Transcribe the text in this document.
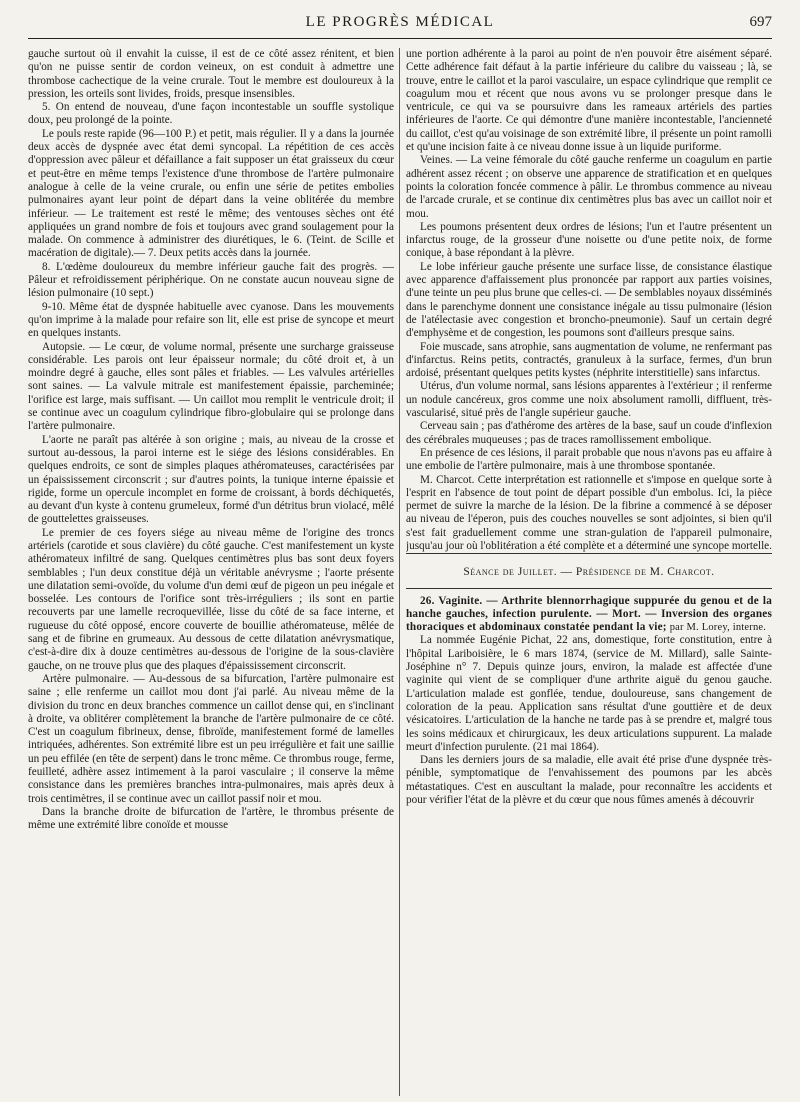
LE PROGRÈS MÉDICAL	697

gauche surtout où il envahit la cuisse, il est de ce côté assez rénitent, et bien qu'on ne puisse sentir de cordon veineux, on est conduit à admettre une thrombose cachectique de la veine crurale. Tout le membre est douloureux à la pression, les orteils sont livides, froids, presque insensibles.

5. On entend de nouveau, d'une façon incontestable un souffle systolique doux, peu prolongé de la pointe.

Le pouls reste rapide (96—100 P.) et petit, mais régulier. Il y a dans la journée deux accès de dyspnée avec état demi syncopal. La répétition de ces accès d'oppression avec pâleur et défaillance a fait supposer un état graisseux du cœur et peut-être en même temps l'existence d'une thrombose de l'artère pulmonaire analogue à celle de la veine crurale, ou enfin une série de petites embolies pulmonaires ayant leur point de départ dans la veine oblitérée du membre inférieur. — Le traitement est resté le même; des ventouses sèches ont été appliquées un grand nombre de fois et toujours avec grand soulagement pour la malade. On commence à administrer des diurétiques, le 6. (Teint. de Scille et macération de digitale).— 7. Deux petits accès dans la journée.

8. L'œdème douloureux du membre inférieur gauche fait des progrès. — Pâleur et refroidissement périphérique. On ne constate aucun nouveau signe de lésion pulmonaire (10 sept.)

9-10. Même état de dyspnée habituelle avec cyanose. Dans les mouvements qu'on imprime à la malade pour refaire son lit, elle est prise de syncope et meurt en quelques instants.

Autopsie. — Le cœur, de volume normal, présente une surcharge graisseuse considérable. Les parois ont leur épaisseur normale; du côté droit et, à un moindre degré à gauche, elles sont pâles et friables. — Les valvules artérielles sont saines. — La valvule mitrale est manifestement épaissie, parcheminée; l'orifice est large, mais suffisant. — Un caillot mou remplit le ventricule droit; il se continue avec un coagulum cylindrique fibro-globulaire qui se prolonge dans l'artère pulmonaire.

L'aorte ne paraît pas altérée à son origine ; mais, au niveau de la crosse et surtout au-dessous, la paroi interne est le siége des lésions considérables. En quelques endroits, ce sont de simples plaques athéromateuses, caractérisées par un épaississement circonscrit ; sur d'autres points, la tunique interne épaissie et rigide, forme un opercule incomplet en forme de croissant, à bords déchiquetés, au devant d'un kyste à contenu grumeleux, formé d'un détritus brun violacé, mêlé de gouttelettes graisseuses.

Le premier de ces foyers siége au niveau même de l'origine des troncs artériels (carotide et sous clavière) du côté gauche. C'est manifestement un kyste athéromateux infiltré de sang. Quelques centimètres plus bas sont deux foyers semblables ; l'un deux constitue déjà un véritable anévrysme ; l'aorte présente une dilatation semi-ovoïde, du volume d'un demi œuf de pigeon un peu inégale et bosselée. Les contours de l'orifice sont très-irréguliers ; ils sont en partie recouverts par une lamelle recroquevillée, lisse du côté de sa face interne, et rugueuse du côté opposé, encore couverte de bouillie athéromateuse, mêlée de sang et de fibrine en grumeaux. Au dessous de cette dilatation anévrysmatique, c'est-à-dire dix à douze centimètres au-dessous de l'origine de la sous-clavière gauche, on ne trouve plus que des plaques d'épaississement circonscrit.

Artère pulmonaire. — Au-dessous de sa bifurcation, l'artère pulmonaire est saine ; elle renferme un caillot mou dont j'ai parlé. Au niveau même de la division du tronc en deux branches commence un caillot dense qui, en s'inclinant à droite, va oblitérer complètement la branche de l'artère pulmonaire de ce côté. C'est un coagulum fibrineux, dense, fibroïde, manifestement formé de lamelles intriquées, adhérentes. Son extrémité libre est un peu irrégulière et fait une saillie un peu effilée (en tête de serpent) dans le tronc même. Ce thrombus rouge, ferme, feuilleté, adhère assez intimement à la paroi vasculaire ; il conserve la même consistance dans les premières branches intra-pulmonaires, mais après deux à trois centimètres, il se continue avec un caillot passif noir et mou.

Dans la branche droite de bifurcation de l'artère, le thrombus présente de même une extrémité libre conoïde et mousse

une portion adhérente à la paroi au point de n'en pouvoir être aisément séparé. Cette adhérence fait défaut à la partie inférieure du calibre du vaisseau ; là, se trouve, entre le caillot et la paroi vasculaire, un espace cylindrique que remplit ce coagulum mou et récent que nous avons vu se prolonger presque dans le ventricule, ce qui va se poursuivre dans les rameaux artériels des parties inférieures de l'aorte. Ce qui démontre d'une manière incontestable, l'ancienneté du caillot, c'est qu'au voisinage de son extrémité libre, il présente un point ramolli et qu'une incision faite à ce niveau donne issue à un liquide puriforme.

Veines. — La veine fémorale du côté gauche renferme un coagulum en partie adhérent assez récent ; on observe une apparence de stratification et en quelques points la coloration foncée commence à pâlir. Le thrombus commence au niveau de l'arcade crurale, et se continue dix centimètres plus bas avec un caillot noir et mou.

Les poumons présentent deux ordres de lésions; l'un et l'autre présentent un infarctus rouge, de la grosseur d'une noisette ou d'une petite noix, de forme conique, à base répondant à la plèvre.

Le lobe inférieur gauche présente une surface lisse, de consistance élastique avec apparence d'affaissement plus prononcée par rapport aux parties voisines, d'une teinte un peu plus brune que celles-ci. — De semblables noyaux disséminés dans le parenchyme donnent une consistance inégale au tissu pulmonaire (lésion de l'atélectasie avec congestion et broncho-pneumonie). Sauf un certain degré d'emphysème et de congestion, les poumons sont d'ailleurs presque sains.

Foie muscade, sans atrophie, sans augmentation de volume, ne renfermant pas d'infarctus. Reins petits, contractés, granuleux à la surface, fermes, d'un brun ardoisé, présentant quelques petits kystes (néphrite interstitielle) sans infarctus.

Utérus, d'un volume normal, sans lésions apparentes à l'extérieur ; il renferme un nodule cancéreux, gros comme une noix absolument ramolli, diffluent, très-vascularisé, situé près de l'angle supérieur gauche.

Cerveau sain ; pas d'athérome des artères de la base, sauf un coude d'inflexion des cérébrales muqueuses ; pas de traces ramollissement embolique.

En présence de ces lésions, il parait probable que nous n'avons pas eu affaire à une embolie de l'artère pulmonaire, mais à une thrombose spontanée.

M. Charcot. Cette interprétation est rationnelle et s'impose en quelque sorte à l'esprit en l'absence de tout point de départ possible d'un embolus. Ici, la pièce permet de suivre la marche de la lésion. De la fibrine a commencé à se déposer au niveau de l'éperon, puis des couches nouvelles se sont adjointes, si bien qu'il s'est fait graduellement comme une stran-gulation de l'appareil pulmonaire, jusqu'au jour où l'oblitération a été complète et a déterminé une syncope mortelle.

Séance de Juillet. — Présidence de M. Charcot.

26. Vaginite. — Arthrite blennorrhagique suppurée du genou et de la hanche gauches, infection purulente. — Mort. — Inversion des organes thoraciques et abdominaux constatée pendant la vie; par M. Lorey, interne.

La nommée Eugénie Pichat, 22 ans, domestique, forte constitution, entre à l'hôpital Lariboisière, le 6 mars 1874, (service de M. Millard), salle Sainte-Joséphine n° 7. Depuis quinze jours, environ, la malade est affectée d'une vaginite qui vient de se compliquer d'une arthrite aiguë du genou gauche. L'articulation malade est gonflée, tendue, douloureuse, sans changement de coloration de la peau. Application sans résultat d'une gouttière et de deux vésicatoires. L'articulation de la hanche ne tarde pas à se prendre et, malgré tous les soins médicaux et chirurgicaux, les deux articulations suppurent. La malade meurt d'infection purulente. (21 mai 1864).

Dans les derniers jours de sa maladie, elle avait été prise d'une dyspnée très-pénible, symptomatique de l'envahissement des poumons par les abcès métastatiques. C'est en auscultant la malade, pour reconnaître les accidents et pour vérifier l'état de la plèvre et du cœur que nous fûmes amenés à découvrir
